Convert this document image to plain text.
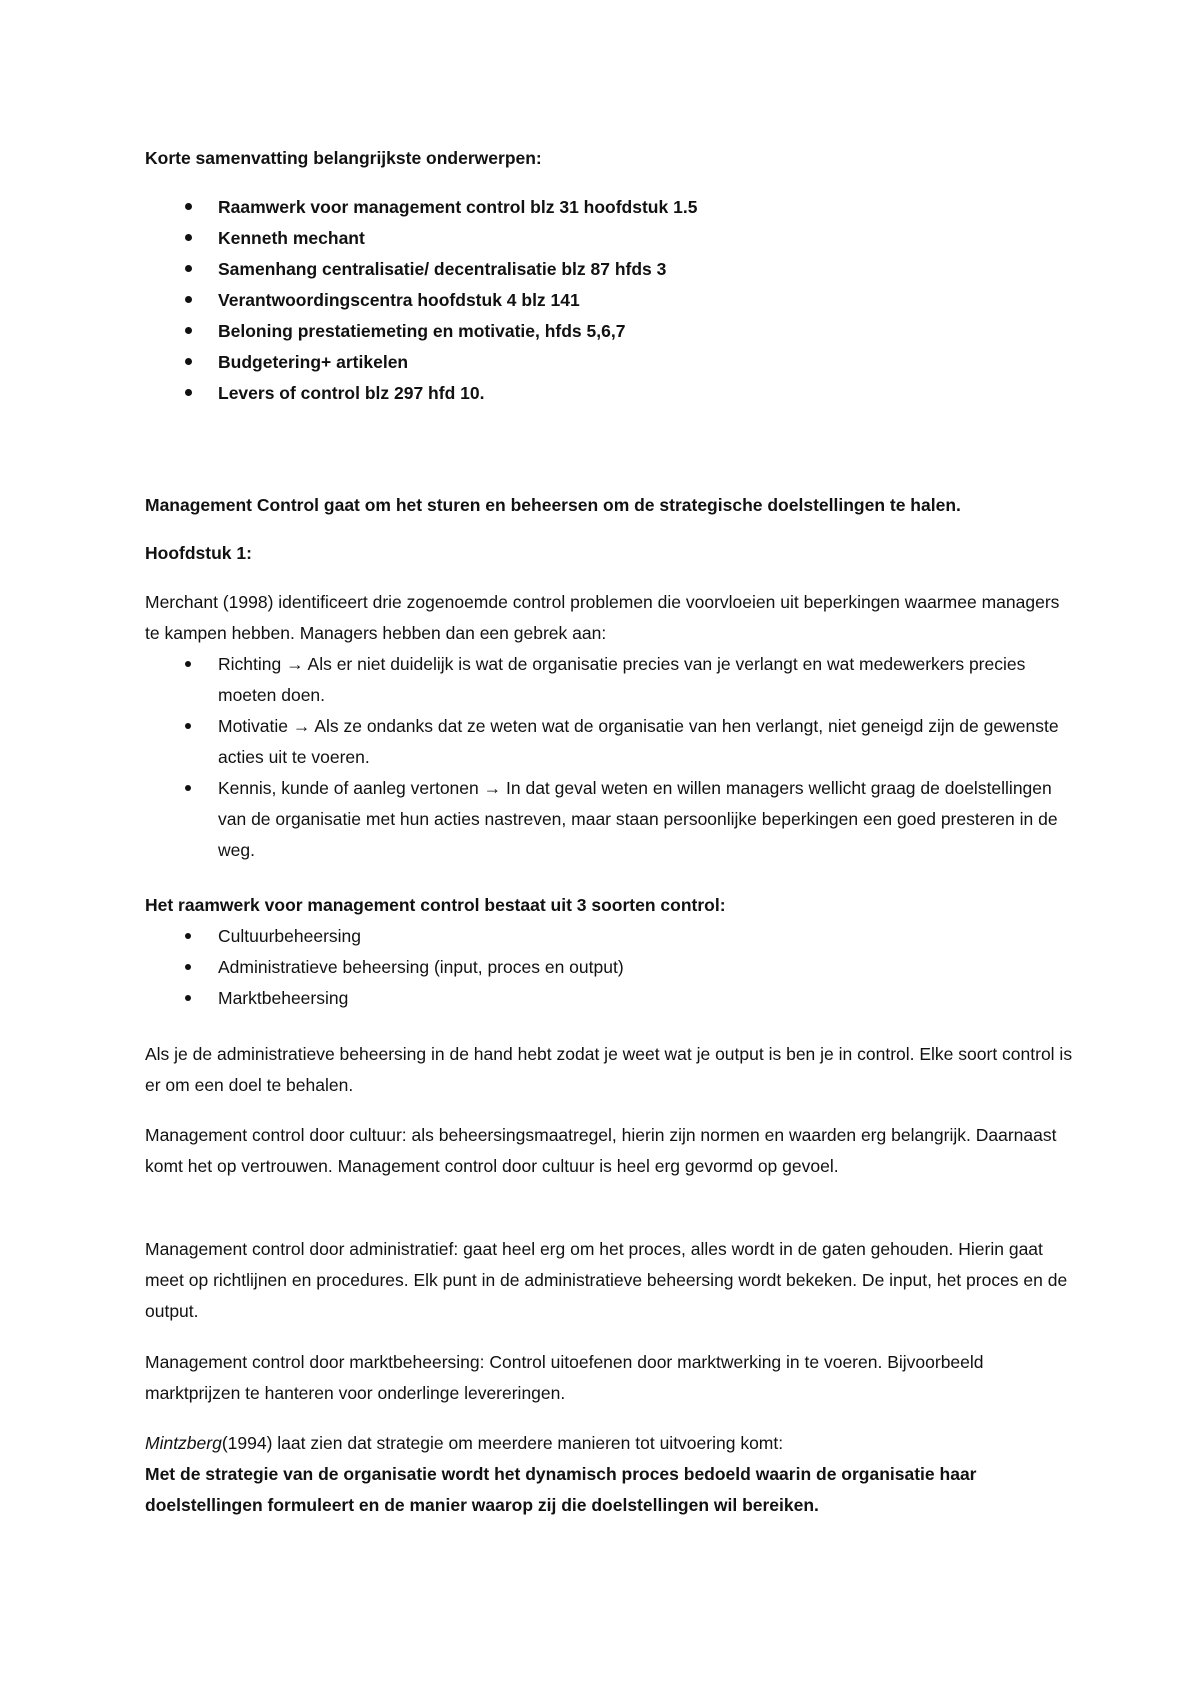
Korte samenvatting belangrijkste onderwerpen:

Raamwerk voor management control blz 31 hoofdstuk 1.5
Kenneth mechant
Samenhang centralisatie/ decentralisatie blz 87 hfds 3
Verantwoordingscentra hoofdstuk 4 blz 141
Beloning prestatiemeting en motivatie, hfds 5,6,7
Budgetering+ artikelen
Levers of control blz 297 hfd 10.

Management Control gaat om het sturen en beheersen om de strategische doelstellingen te halen.

Hoofdstuk 1:

Merchant (1998) identificeert drie zogenoemde control problemen die voorvloeien uit beperkingen waarmee managers te kampen hebben. Managers hebben dan een gebrek aan:

Richting → Als er niet duidelijk is wat de organisatie precies van je verlangt en wat medewerkers precies moeten doen.
Motivatie → Als ze ondanks dat ze weten wat de organisatie van hen verlangt, niet geneigd zijn de gewenste acties uit te voeren.
Kennis, kunde of aanleg vertonen → In dat geval weten en willen managers wellicht graag de doelstellingen van de organisatie met hun acties nastreven, maar staan persoonlijke beperkingen een goed presteren in de weg.

Het raamwerk voor management control bestaat uit 3 soorten control:

Cultuurbeheersing
Administratieve beheersing (input, proces en output)
Marktbeheersing

Als je de administratieve beheersing in de hand hebt zodat je weet wat je output is ben je in control. Elke soort control is er om een doel te behalen.

Management control door cultuur: als beheersingsmaatregel, hierin zijn normen en waarden erg belangrijk. Daarnaast komt het op vertrouwen. Management control door cultuur is heel erg gevormd op gevoel.

Management control door administratief: gaat heel erg om het proces, alles wordt in de gaten gehouden. Hierin gaat meet op richtlijnen en procedures. Elk punt in de administratieve beheersing wordt bekeken. De input, het proces en de output.

Management control door marktbeheersing: Control uitoefenen door marktwerking in te voeren. Bijvoorbeeld marktprijzen te hanteren voor onderlinge levereringen.

Mintzberg(1994) laat zien dat strategie om meerdere manieren tot uitvoering komt:

Met de strategie van de organisatie wordt het dynamisch proces bedoeld waarin de organisatie haar doelstellingen formuleert en de manier waarop zij die doelstellingen wil bereiken.
